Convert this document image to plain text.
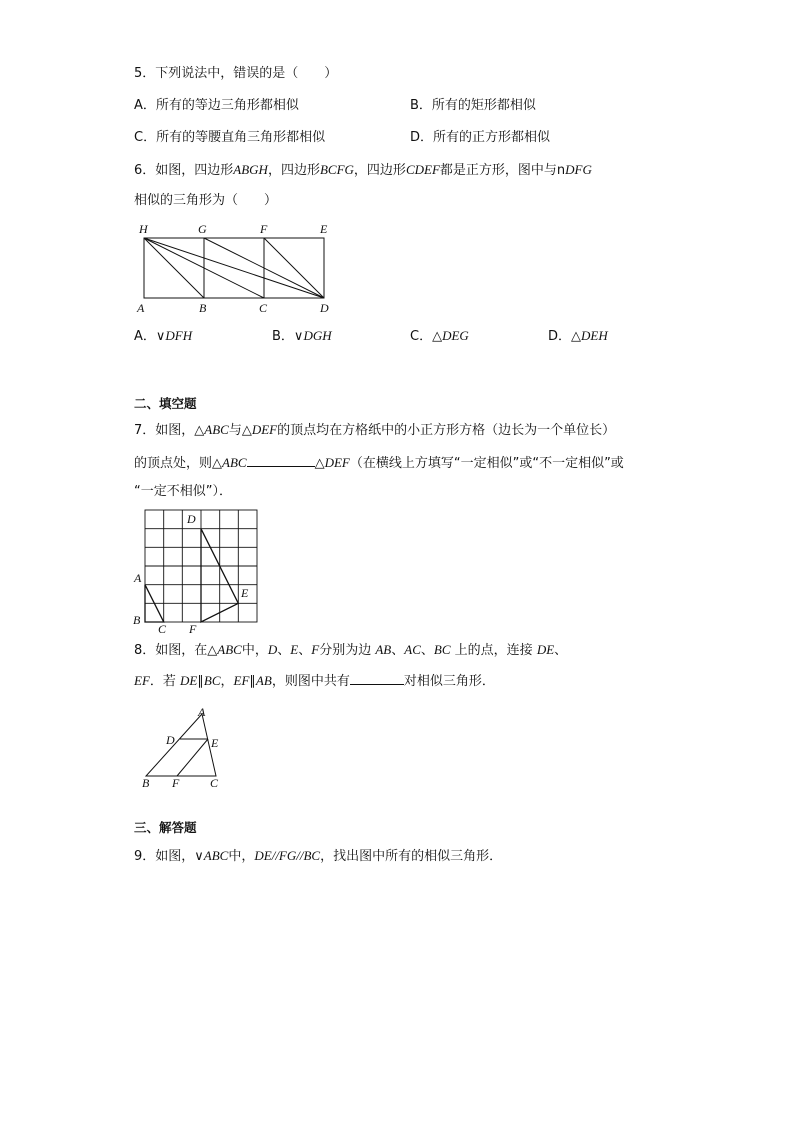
5．下列说法中，错误的是（　　）
A．所有的等边三角形都相似	B．所有的矩形都相似
C．所有的等腰直角三角形都相似	D．所有的正方形都相似
6．如图，四边形ABGH，四边形BCFG，四边形CDEF都是正方形，图中与nDFG
相似的三角形为（　　）
H	G	F	E
A	B	C	D
A．∨DFH	B．∨DGH	C．△DEG	D．△DEH
二、填空题
7．如图，△ABC与△DEF的顶点均在方格纸中的小正方形方格（边长为一个单位长）
的顶点处，则△ABC	△DEF（在横线上方填写“一定相似”或“不一定相似”或
“一定不相似”）．
A
B
C
D
E
F
8．如图，在△ABC中，D、E、F分别为边 AB、AC、BC 上的点，连接 DE、
EF．若 DE∥BC，EF∥AB，则图中共有	对相似三角形．
A
D	E
B F	C
三、解答题
9．如图，∨ABC中，DE//FG//BC，找出图中所有的相似三角形．
